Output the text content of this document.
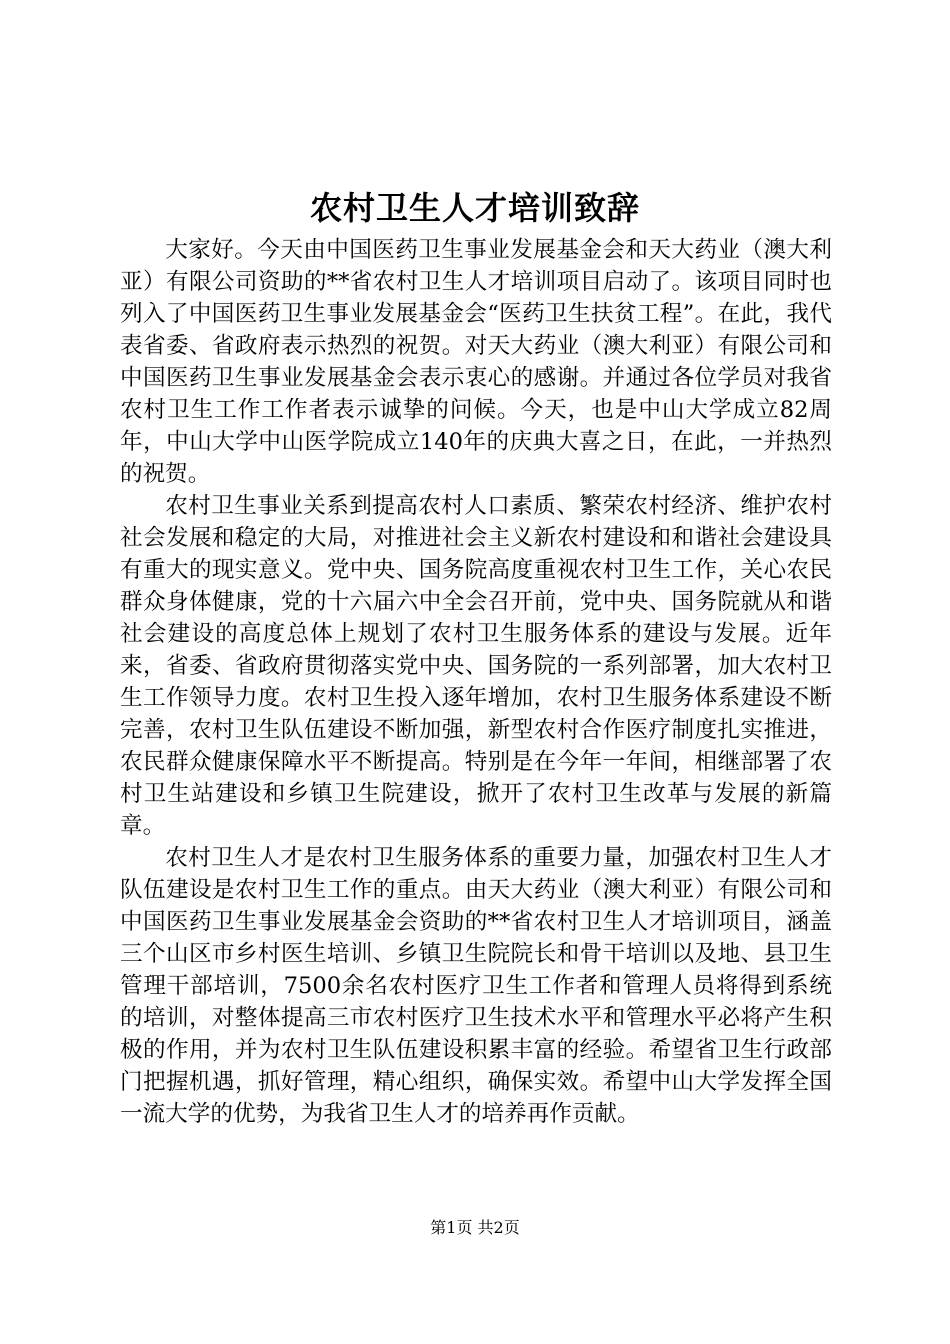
农村卫生人才培训致辞

大家好。今天由中国医药卫生事业发展基金会和天大药业（澳大利亚）有限公司资助的**省农村卫生人才培训项目启动了。该项目同时也列入了中国医药卫生事业发展基金会“医药卫生扶贫工程”。在此，我代表省委、省政府表示热烈的祝贺。对天大药业（澳大利亚）有限公司和中国医药卫生事业发展基金会表示衷心的感谢。并通过各位学员对我省农村卫生工作工作者表示诚挚的问候。今天，也是中山大学成立82周年，中山大学中山医学院成立140年的庆典大喜之日，在此，一并热烈的祝贺。

农村卫生事业关系到提高农村人口素质、繁荣农村经济、维护农村社会发展和稳定的大局，对推进社会主义新农村建设和和谐社会建设具有重大的现实意义。党中央、国务院高度重视农村卫生工作，关心农民群众身体健康，党的十六届六中全会召开前，党中央、国务院就从和谐社会建设的高度总体上规划了农村卫生服务体系的建设与发展。近年来，省委、省政府贯彻落实党中央、国务院的一系列部署，加大农村卫生工作领导力度。农村卫生投入逐年增加，农村卫生服务体系建设不断完善，农村卫生队伍建设不断加强，新型农村合作医疗制度扎实推进，农民群众健康保障水平不断提高。特别是在今年一年间，相继部署了农村卫生站建设和乡镇卫生院建设，掀开了农村卫生改革与发展的新篇章。

农村卫生人才是农村卫生服务体系的重要力量，加强农村卫生人才队伍建设是农村卫生工作的重点。由天大药业（澳大利亚）有限公司和中国医药卫生事业发展基金会资助的**省农村卫生人才培训项目，涵盖三个山区市乡村医生培训、乡镇卫生院院长和骨干培训以及地、县卫生管理干部培训，7500余名农村医疗卫生工作者和管理人员将得到系统的培训，对整体提高三市农村医疗卫生技术水平和管理水平必将产生积极的作用，并为农村卫生队伍建设积累丰富的经验。希望省卫生行政部门把握机遇，抓好管理，精心组织，确保实效。希望中山大学发挥全国一流大学的优势，为我省卫生人才的培养再作贡献。

第1页 共2页
